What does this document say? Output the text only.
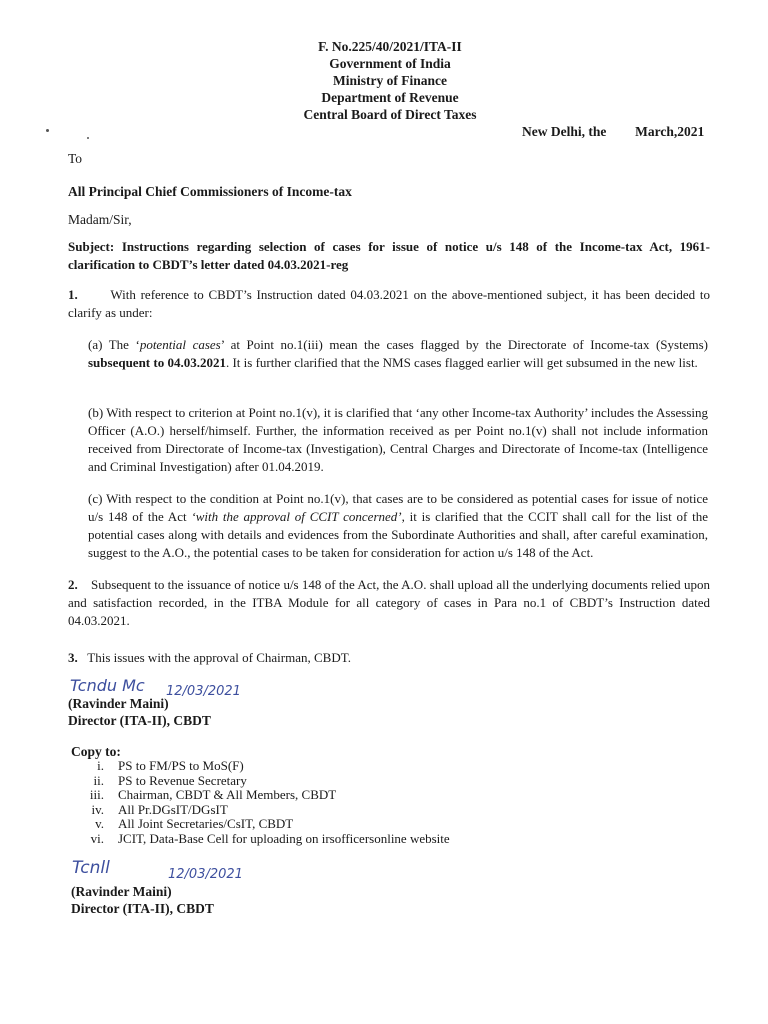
F. No.225/40/2021/ITA-II
Government of India
Ministry of Finance
Department of Revenue
Central Board of Direct Taxes
New Delhi, the March,2021
To
All Principal Chief Commissioners of Income-tax
Madam/Sir,
Subject: Instructions regarding selection of cases for issue of notice u/s 148 of the Income-tax Act, 1961- clarification to CBDT’s letter dated 04.03.2021-reg
1.	With reference to CBDT’s Instruction dated 04.03.2021 on the above-mentioned subject, it has been decided to clarify as under:
(a) The ‘potential cases’ at Point no.1(iii) mean the cases flagged by the Directorate of Income-tax (Systems) subsequent to 04.03.2021. It is further clarified that the NMS cases flagged earlier will get subsumed in the new list.
(b) With respect to criterion at Point no.1(v), it is clarified that ‘any other Income-tax Authority’ includes the Assessing Officer (A.O.) herself/himself. Further, the information received as per Point no.1(v) shall not include information received from Directorate of Income-tax (Investigation), Central Charges and Directorate of Income-tax (Intelligence and Criminal Investigation) after 01.04.2019.
(c) With respect to the condition at Point no.1(v), that cases are to be considered as potential cases for issue of notice u/s 148 of the Act ‘with the approval of CCIT concerned’, it is clarified that the CCIT shall call for the list of the potential cases along with details and evidences from the Subordinate Authorities and shall, after careful examination, suggest to the A.O., the potential cases to be taken for consideration for action u/s 148 of the Act.
2. Subsequent to the issuance of notice u/s 148 of the Act, the A.O. shall upload all the underlying documents relied upon and satisfaction recorded, in the ITBA Module for all category of cases in Para no.1 of CBDT’s Instruction dated 04.03.2021.
3. This issues with the approval of Chairman, CBDT.
Tcndu Mc 12/03/2021
(Ravinder Maini)
Director (ITA-II), CBDT
Copy to:
i.	PS to FM/PS to MoS(F)
ii.	PS to Revenue Secretary
iii.	Chairman, CBDT & All Members, CBDT
iv.	All Pr.DGsIT/DGsIT
v.	All Joint Secretaries/CsIT, CBDT
vi.	JCIT, Data-Base Cell for uploading on irsofficersonline website
Tcnll	12/03/2021
(Ravinder Maini)
Director (ITA-II), CBDT
